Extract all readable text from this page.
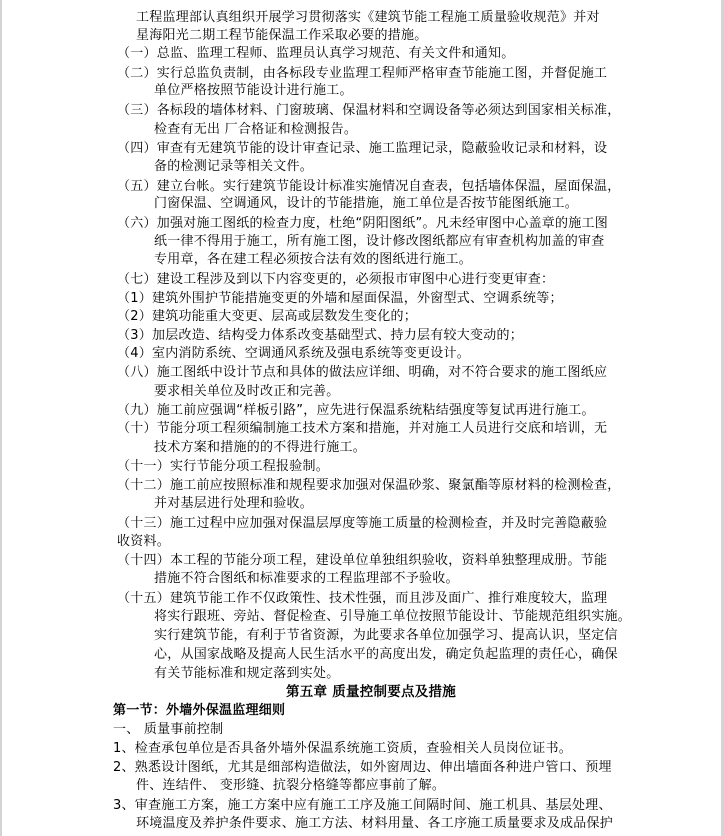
工程监理部认真组织开展学习贯彻落实《建筑节能工程施工质量验收规范》并对
星海阳光二期工程节能保温工作采取必要的措施。
（一）总监、监理工程师、监理员认真学习规范、有关文件和通知。
（二）实行总监负责制，由各标段专业监理工程师严格审查节能施工图，并督促施工
单位严格按照节能设计进行施工。
（三）各标段的墙体材料、门窗玻璃、保温材料和空调设备等必须达到国家相关标准，
检查有无出 厂合格证和检测报告。
（四）审查有无建筑节能的设计审查记录、施工监理记录，隐蔽验收记录和材料，设
备的检测记录等相关文件。
（五）建立台帐。实行建筑节能设计标准实施情况自查表，包括墙体保温，屋面保温，
门窗保温、空调通风，设计的节能措施，施工单位是否按节能图纸施工。
（六）加强对施工图纸的检查力度，杜绝“阴阳图纸”。凡未经审图中心盖章的施工图
纸一律不得用于施工，所有施工图，设计修改图纸都应有审查机构加盖的审查
专用章，各在建工程必须按合法有效的图纸进行施工。
（七）建设工程涉及到以下内容变更的，必须报市审图中心进行变更审查：
（1）建筑外围护节能措施变更的外墙和屋面保温，外窗型式、空调系统等；
（2）建筑功能重大变更、层高或层数发生变化的；
（3）加层改造、结构受力体系改变基础型式、持力层有较大变动的；
（4）室内消防系统、空调通风系统及强电系统等变更设计。
（八）施工图纸中设计节点和具体的做法应详细、明确，对不符合要求的施工图纸应
要求相关单位及时改正和完善。
（九）施工前应强调“样板引路”，应先进行保温系统粘结强度等复试再进行施工。
（十）节能分项工程须编制施工技术方案和措施，并对施工人员进行交底和培训，无
技术方案和措施的的不得进行施工。
（十一）实行节能分项工程报验制。
（十二）施工前应按照标准和规程要求加强对保温砂浆、聚氯酯等原材料的检测检查，
并对基层进行处理和验收。
（十三）施工过程中应加强对保温层厚度等施工质量的检测检查，并及时完善隐蔽验
收资料。
（十四）本工程的节能分项工程，建设单位单独组织验收，资料单独整理成册。节能
措施不符合图纸和标准要求的工程监理部不予验收。
（十五）建筑节能工作不仅政策性、技术性强，而且涉及面广、推行难度较大，监理
将实行跟班、旁站、督促检查、引导施工单位按照节能设计、节能规范组织实施。
实行建筑节能，有利于节省资源，为此要求各单位加强学习、提高认识，坚定信
心，从国家战略及提高人民生活水平的高度出发，确定负起监理的责任心，确保
有关节能标准和规定落到实处。
第五章 质量控制要点及措施
第一节：外墙外保温监理细则
一、 质量事前控制
1、检查承包单位是否具备外墙外保温系统施工资质，查验相关人员岗位证书。
2、熟悉设计图纸，尤其是细部构造做法，如外窗周边、伸出墙面各种进户管口、预埋
件、连结件、 变形缝、抗裂分格缝等都应事前了解。
3、审查施工方案，施工方案中应有施工工序及施工间隔时间、施工机具、基层处理、
环境温度及养护条件要求、施工方法、材料用量、各工序施工质量要求及成品保护
